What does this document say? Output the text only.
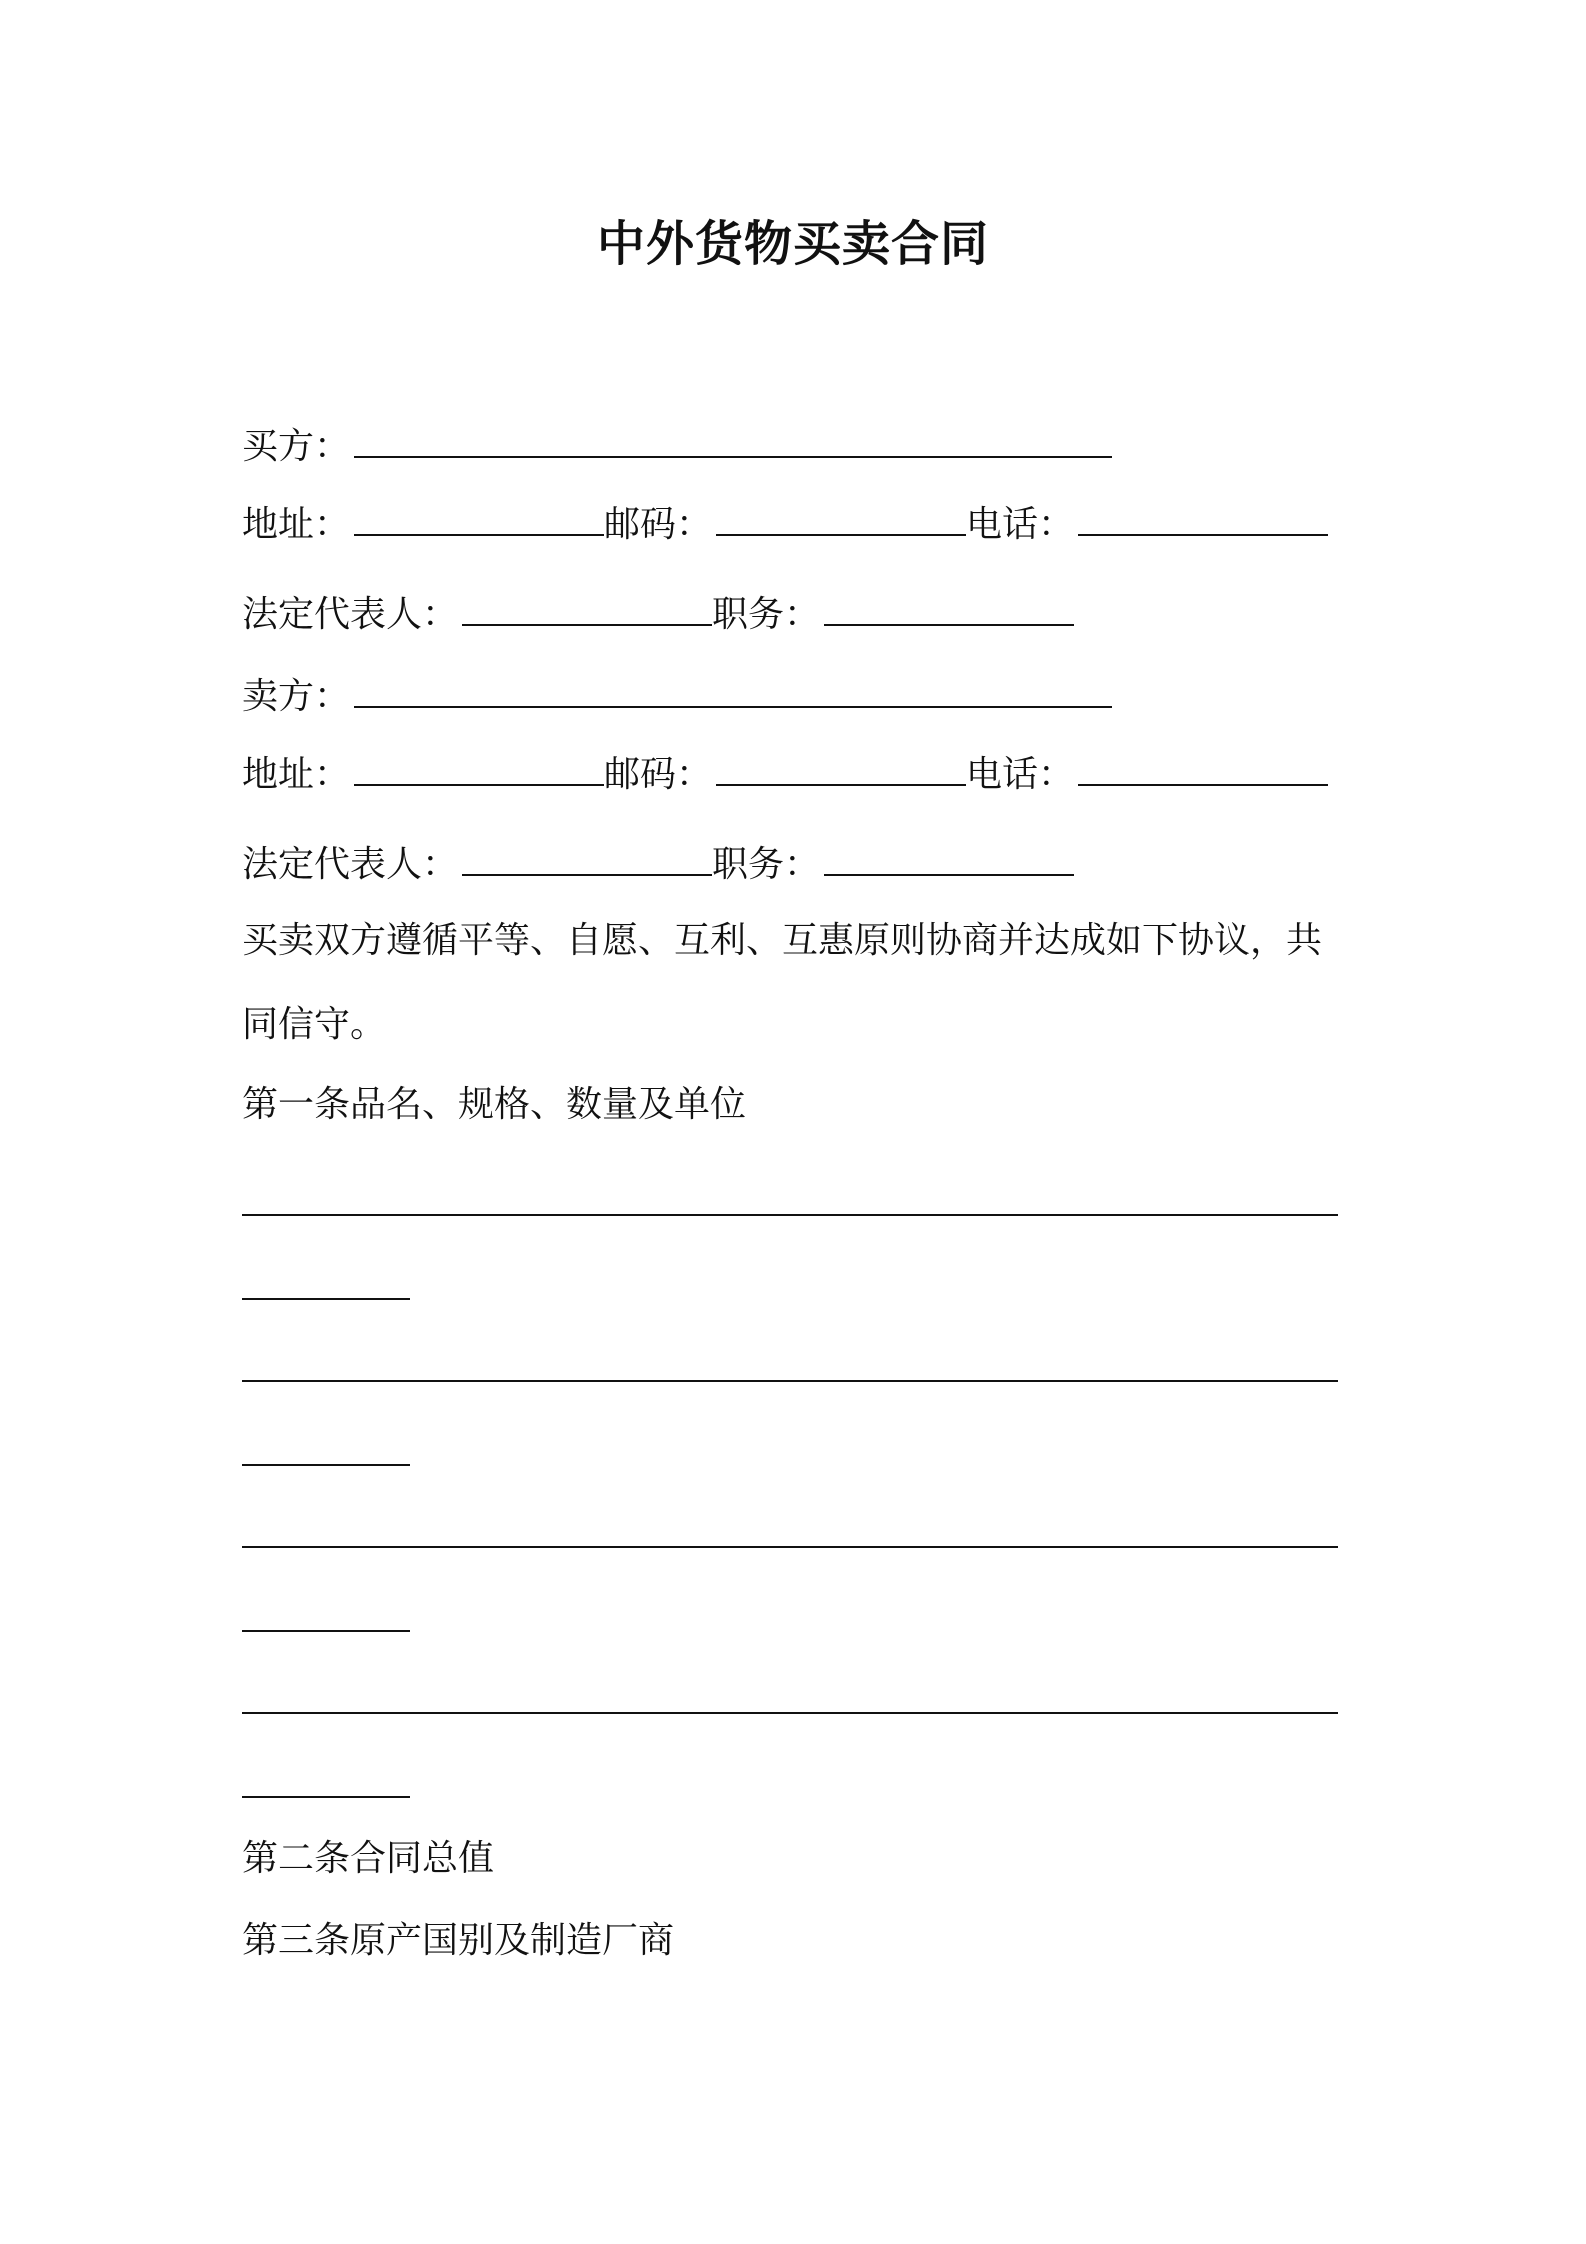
中外货物买卖合同
买方：
地址：	邮码：	电话：
法定代表人：	职务：
卖方：
地址：	邮码：	电话：
法定代表人：	职务：
买卖双方遵循平等、自愿、互利、互惠原则协商并达成如下协议，共
同信守。
第一条品名、规格、数量及单位
第二条合同总值
第三条原产国别及制造厂商
